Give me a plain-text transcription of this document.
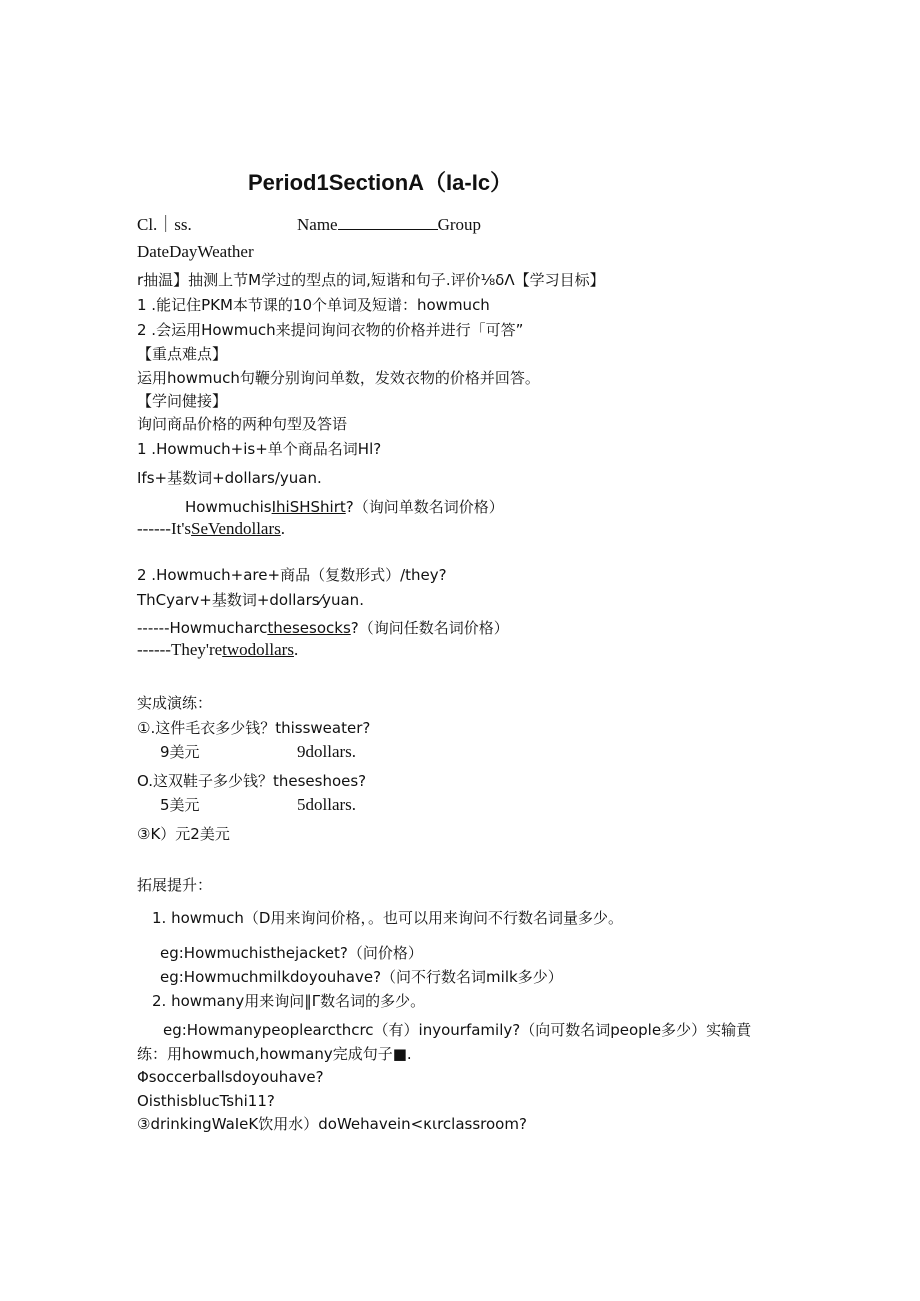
Period1SectionA（Ia-Ic）
Cl.｜ss.	Name	Group
DateDayWeather
r抽温】抽测上节M学过的型点的词,短谐和句子.评价⅛δΛ【学习目标】
1 .能记住PKM本节课的10个单词及短谱：howmuch
2 .会运用Howmuch来提问询问衣物的价格并进行「可答”
【重点难点】
运用howmuch句鞭分别询问单数，发效衣物的价格并回答。
【学问健接】
询问商品价格的两种句型及答语
1 .Howmuch+is+单个商品名词Hl?
Ifs+基数词+dollars/yuan.
HowmuchisIhiSHShirt?（询问单数名词价格）
------It'sSeVendollars.
2 .Howmuch+are+商品（复数形式）/they?
ThCyarv+基数词+dollars⁄yuan.
------Howmucharcthesesocks?（询问任数名词价格）
------They'retwodollars.
实成演练：
①.这件毛衣多少钱？thissweater?
9美元	9dollars.
O.这双鞋子多少钱？theseshoes?
5美元	5dollars.
③K）元2美元
拓展提升：
1. howmuch（D用来询问价格，。也可以用来询问不行数名词量多少。
eg:Howmuchisthejacket?（问价格）
eg:Howmuchmilkdoyouhave?（问不行数名词milk多少）
2. howmany用来询问‖Γ数名词的多少。
eg:Howmanypeoplearcthcrc（有）inyourfamily?（向可数名词people多少）实输賁
练：用howmuch,howmany完成句子■.
Φsoccerballsdoyouhave?
OisthisblucTshi11?
③drinkingWaIeK饮用水）doWehavein<κιrclassroom?
